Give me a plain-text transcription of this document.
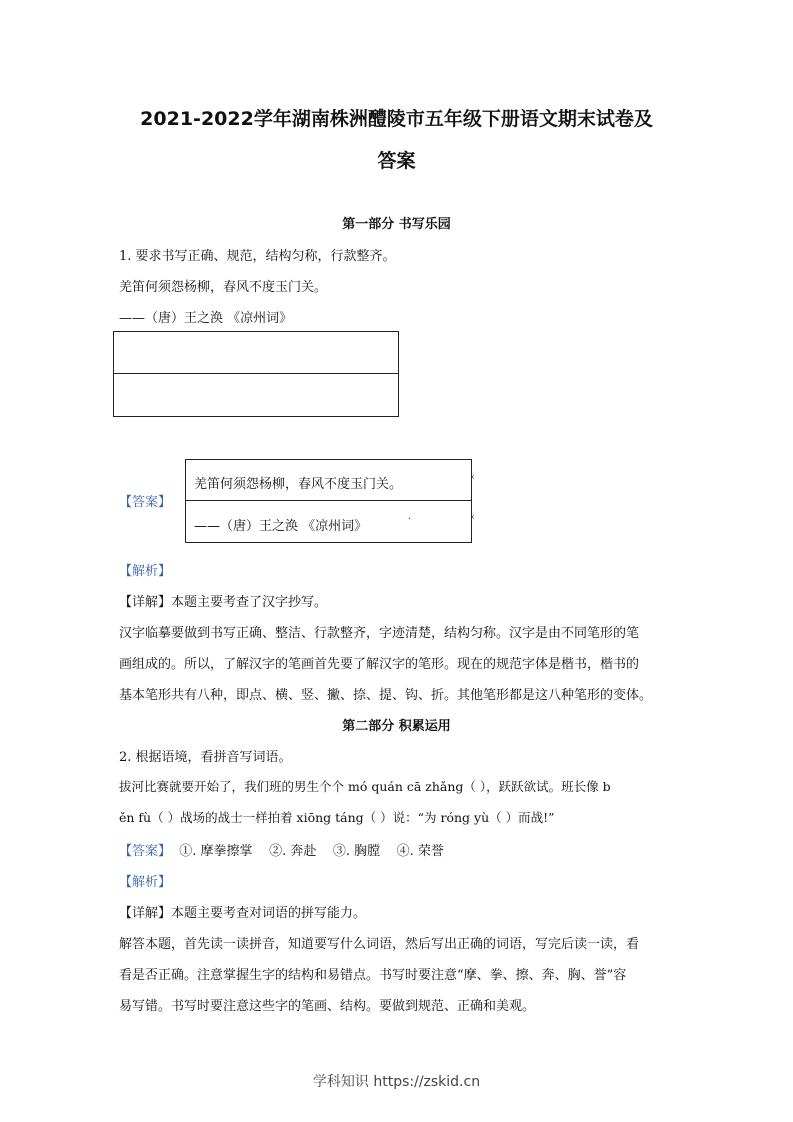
2021-2022学年湖南株洲醴陵市五年级下册语文期末试卷及
答案
第一部分 书写乐园
1. 要求书写正确、规范，结构匀称，行款整齐。
羌笛何须怨杨柳，春风不度玉门关。
——（唐）王之涣 《凉州词》
【答案】
羌笛何须怨杨柳，春风不度玉门关。
——（唐）王之涣 《凉州词》
‹
‹
·
【解析】
【详解】本题主要考查了汉字抄写。
汉字临摹要做到书写正确、整洁、行款整齐，字迹清楚，结构匀称。汉字是由不同笔形的笔
画组成的。所以，了解汉字的笔画首先要了解汉字的笔形。现在的规范字体是楷书，楷书的
基本笔形共有八种，即点、横、竖、撇、捺、提、钩、折。其他笔形都是这八种笔形的变体。
第二部分 积累运用
2. 根据语境，看拼音写词语。
拔河比赛就要开始了，我们班的男生个个 mó quán cā zhǎng（ ），跃跃欲试。班长像 b
ěn fù（ ）战场的战士一样拍着 xiōng táng（ ）说：“为 róng yù（ ）而战!”
【答案】  ①. 摩拳擦掌    ②. 奔赴    ③. 胸膛    ④. 荣誉
【解析】
【详解】本题主要考查对词语的拼写能力。
解答本题，首先读一读拼音，知道要写什么词语，然后写出正确的词语，写完后读一读，看
看是否正确。注意掌握生字的结构和易错点。书写时要注意“摩、拳、擦、奔、胸、誉”容
易写错。书写时要注意这些字的笔画、结构。要做到规范、正确和美观。
学科知识 https://zskid.cn
